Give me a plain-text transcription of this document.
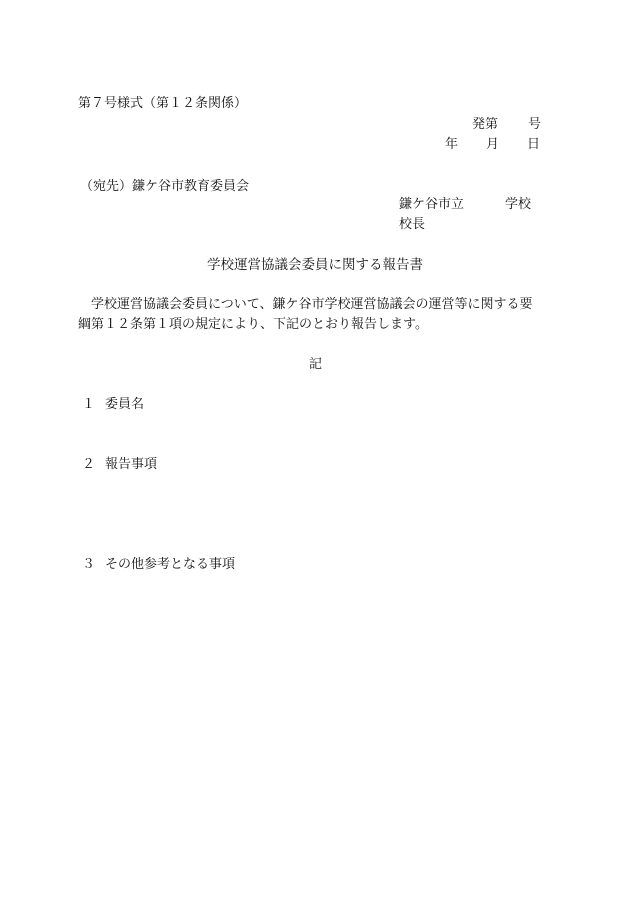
第７号様式（第１２条関係）
発第 号
年 月 日
（宛先）鎌ケ谷市教育委員会
鎌ケ谷市立	学校
校長
学校運営協議会委員に関する報告書
　学校運営協議会委員について、鎌ケ谷市学校運営協議会の運営等に関する要
綱第１２条第１項の規定により、下記のとおり報告します。
記
１ 委員名
２ 報告事項
３ その他参考となる事項
